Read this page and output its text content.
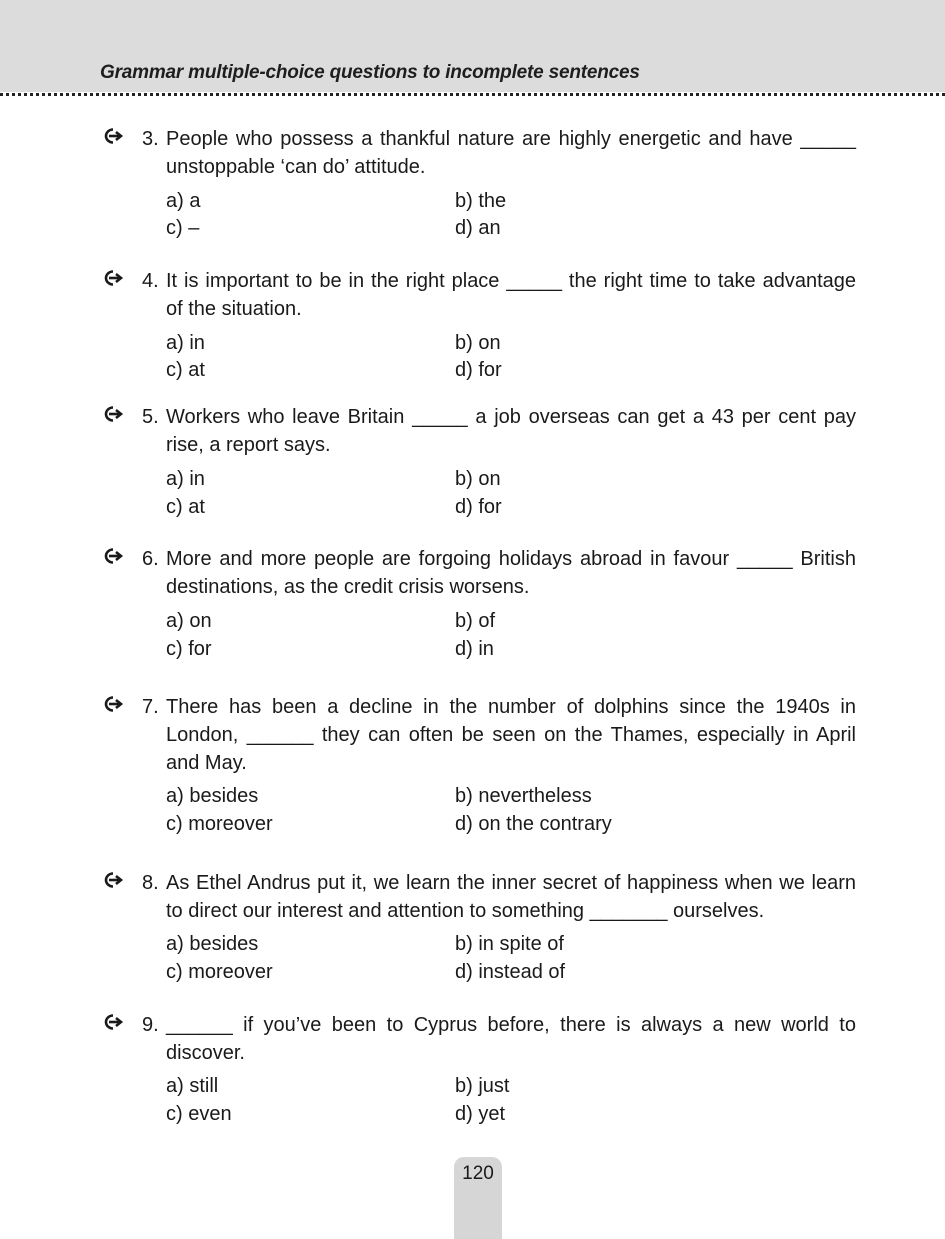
Grammar multiple-choice questions to incomplete sentences
3. People who possess a thankful nature are highly energetic and have _____ unstoppable ‘can do’ attitude.
a) a	b) the
c) –	d) an
4. It is important to be in the right place _____ the right time to take advantage of the situation.
a) in	b) on
c) at	d) for
5. Workers who leave Britain _____ a job overseas can get a 43 per cent pay rise, a report says.
a) in	b) on
c) at	d) for
6. More and more people are forgoing holidays abroad in favour _____ British destinations, as the credit crisis worsens.
a) on	b) of
c) for	d) in
7. There has been a decline in the number of dolphins since the 1940s in London, ______ they can often be seen on the Thames, especially in April and May.
a) besides	b) nevertheless
c) moreover	d) on the contrary
8. As Ethel Andrus put it, we learn the inner secret of happiness when we learn to direct our interest and attention to something _______ ourselves.
a) besides	b) in spite of
c) moreover	d) instead of
9. ______ if you’ve been to Cyprus before, there is always a new world to discover.
a) still	b) just
c) even	d) yet
120
